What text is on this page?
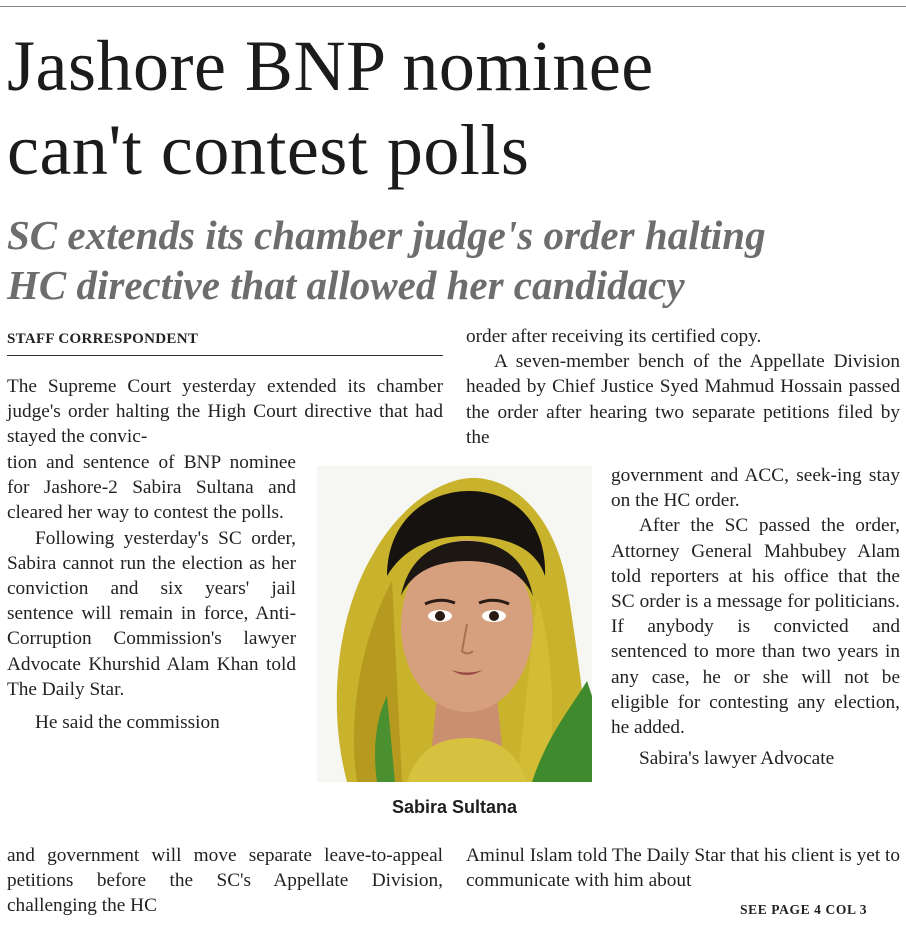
Jashore BNP nominee
can't contest polls
SC extends its chamber judge's order halting
HC directive that allowed her candidacy
STAFF CORRESPONDENT

The Supreme Court yesterday extended its chamber judge's order halting the High Court directive that had stayed the convic-

tion and sentence of BNP nominee for Jashore-2 Sabira Sultana and cleared her way to contest the polls.

Following yesterday's SC order, Sabira cannot run the election as her conviction and six years' jail sentence will remain in force, Anti-Corruption Commission's lawyer Advocate Khurshid Alam Khan told The Daily Star.

He said the commission

and government will move separate leave-to-appeal petitions before the SC's Appellate Division, challenging the HC

order after receiving its certified copy.

A seven-member bench of the Appellate Division headed by Chief Justice Syed Mahmud Hossain passed the order after hearing two separate petitions filed by the

government and ACC, seek-ing stay on the HC order.

After the SC passed the order, Attorney General Mahbubey Alam told reporters at his office that the SC order is a message for politicians. If anybody is convicted and sentenced to more than two years in any case, he or she will not be eligible for contesting any election, he added.

Sabira's lawyer Advocate

Aminul Islam told The Daily Star that his client is yet to communicate with him about

Sabira Sultana
SEE PAGE 4 COL 3
